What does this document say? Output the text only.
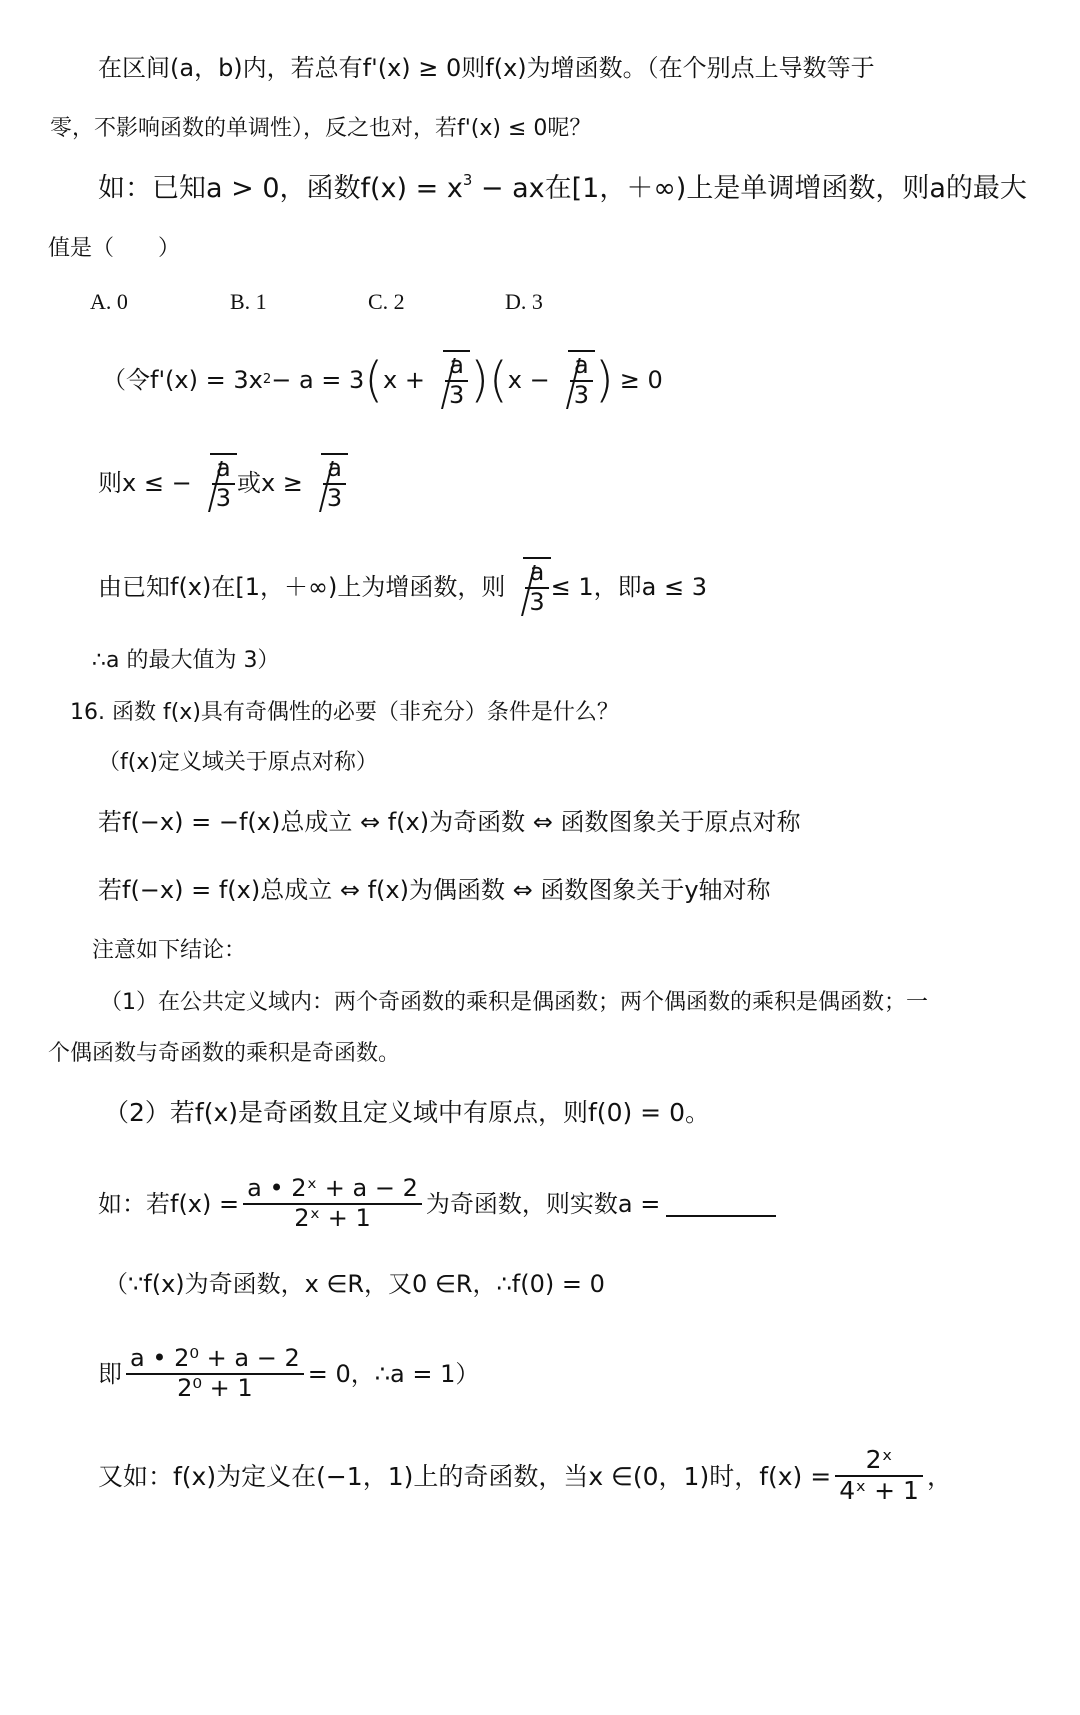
在区间(a，b)内，若总有f'(x) ≥ 0则f(x)为增函数。（在个别点上导数等于
零，不影响函数的单调性），反之也对，若f'(x) ≤ 0呢？
如：已知a > 0，函数$f(x) = x^3$ − ax在[1，＋∞)上是单调增函数，则a的最大
值是（　　）
A. 0	B. 1	C. 2	D. 3
（令f'(x) = 3x 2 − a = 3 ( $x + \frac{a}{3}$ ) ( $x - \frac{a}{3}$ ) ≥ 0
则x ≤ − $\frac{a}{3}$ 或$x \ge \frac{a}{3}$
由已知f(x)在[1，＋∞)上为增函数，则 $\frac{a}{3} \le 1$，即a ≤ 3
∴a 的最大值为 3）
16. 函数 f(x)具有奇偶性的必要（非充分）条件是什么？
（f(x)定义域关于原点对称）
若f(−x) = −f(x)总成立 ⇔ f(x)为奇函数 ⇔ 函数图象关于原点对称
若f(−x) = f(x)总成立 ⇔ f(x)为偶函数 ⇔ 函数图象关于y轴对称
注意如下结论：
（1）在公共定义域内：两个奇函数的乘积是偶函数；两个偶函数的乘积是偶函数；一
个偶函数与奇函数的乘积是奇函数。
（2）若f(x)是奇函数且定义域中有原点，则f(0) = 0。
如：若$f(x) = \frac{\text{a • 2ˣ + a − 2}}{\text{2ˣ + 1}}$ 为奇函数，则实数a =
（∵f(x)为奇函数，x ∈R，又0 ∈R，∴f(0) = 0
即 $\frac{\text{a • 2⁰ + a − 2}}{\text{2⁰ + 1}} = 0$，∴a = 1）
又如：f(x)为定义在(−1，1)上的奇函数，当x ∈(0，1)时，$f(x) = \frac{\text{2ˣ}}{\text{4ˣ + 1}}$ ，
